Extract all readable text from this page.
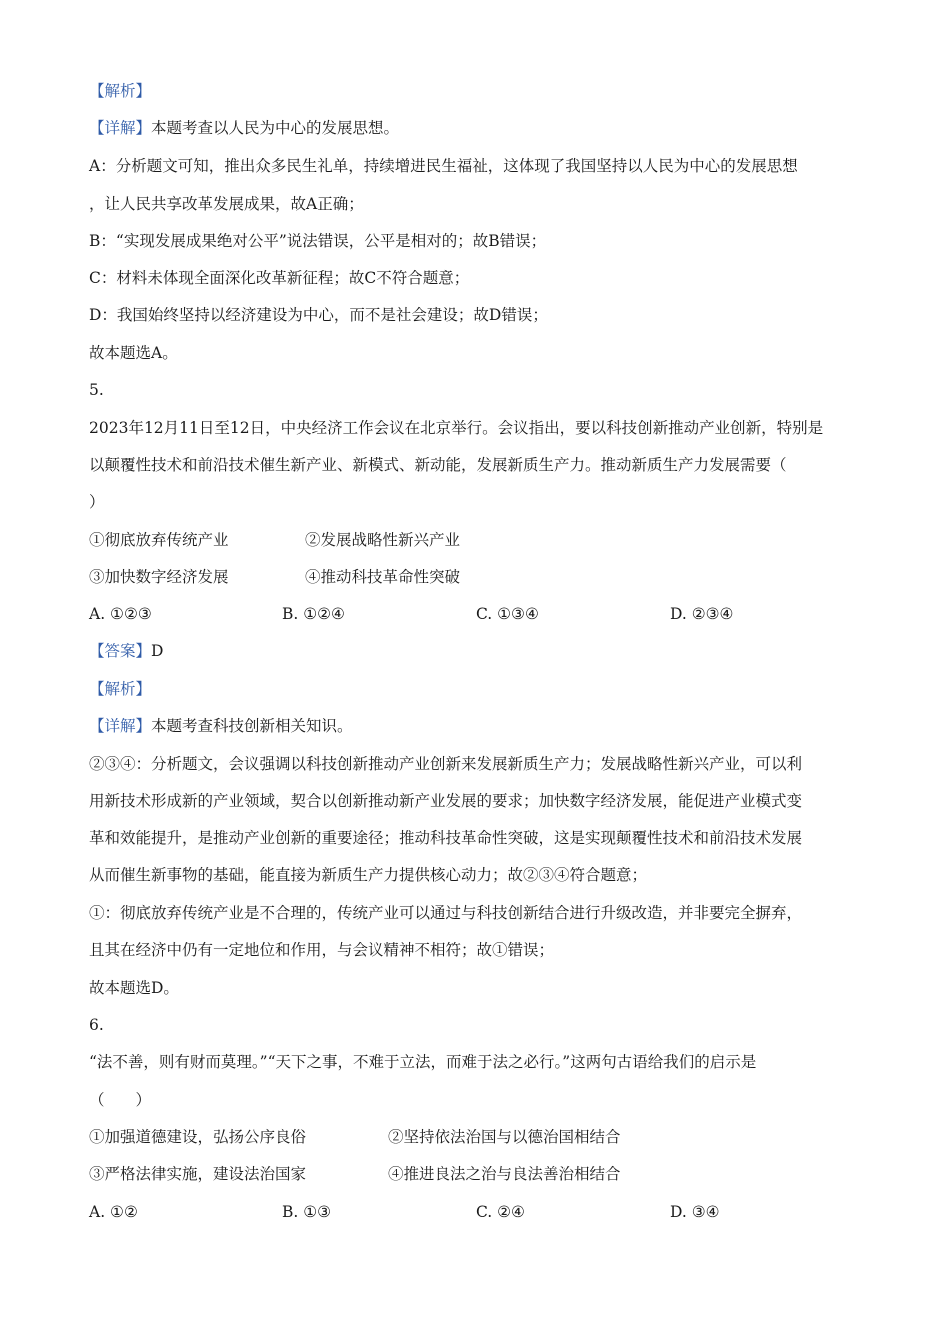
【解析】
【详解】本题考查以人民为中心的发展思想。
A：分析题文可知，推出众多民生礼单，持续增进民生福祉，这体现了我国坚持以人民为中心的发展思想
，让人民共享改革发展成果，故A正确；
B：“实现发展成果绝对公平”说法错误，公平是相对的；故B错误；
C：材料未体现全面深化改革新征程；故C不符合题意；
D：我国始终坚持以经济建设为中心，而不是社会建设；故D错误；
故本题选A。
5.
2023年12月11日至12日，中央经济工作会议在北京举行。会议指出，要以科技创新推动产业创新，特别是
以颠覆性技术和前沿技术催生新产业、新模式、新动能，发展新质生产力。推动新质生产力发展需要（
）
①彻底放弃传统产业	②发展战略性新兴产业
③加快数字经济发展	④推动科技革命性突破
A. ①②③	B. ①②④	C. ①③④	D. ②③④
【答案】D
【解析】
【详解】本题考查科技创新相关知识。
②③④：分析题文，会议强调以科技创新推动产业创新来发展新质生产力；发展战略性新兴产业，可以利
用新技术形成新的产业领域，契合以创新推动新产业发展的要求；加快数字经济发展，能促进产业模式变
革和效能提升，是推动产业创新的重要途径；推动科技革命性突破，这是实现颠覆性技术和前沿技术发展
从而催生新事物的基础，能直接为新质生产力提供核心动力；故②③④符合题意；
①：彻底放弃传统产业是不合理的，传统产业可以通过与科技创新结合进行升级改造，并非要完全摒弃，
且其在经济中仍有一定地位和作用，与会议精神不相符；故①错误；
故本题选D。
6.
“法不善，则有财而莫理。”“天下之事，不难于立法，而难于法之必行。”这两句古语给我们的启示是
（　　）
①加强道德建设，弘扬公序良俗	②坚持依法治国与以德治国相结合
③严格法律实施，建设法治国家	④推进良法之治与良法善治相结合
A. ①②	B. ①③	C. ②④	D. ③④
